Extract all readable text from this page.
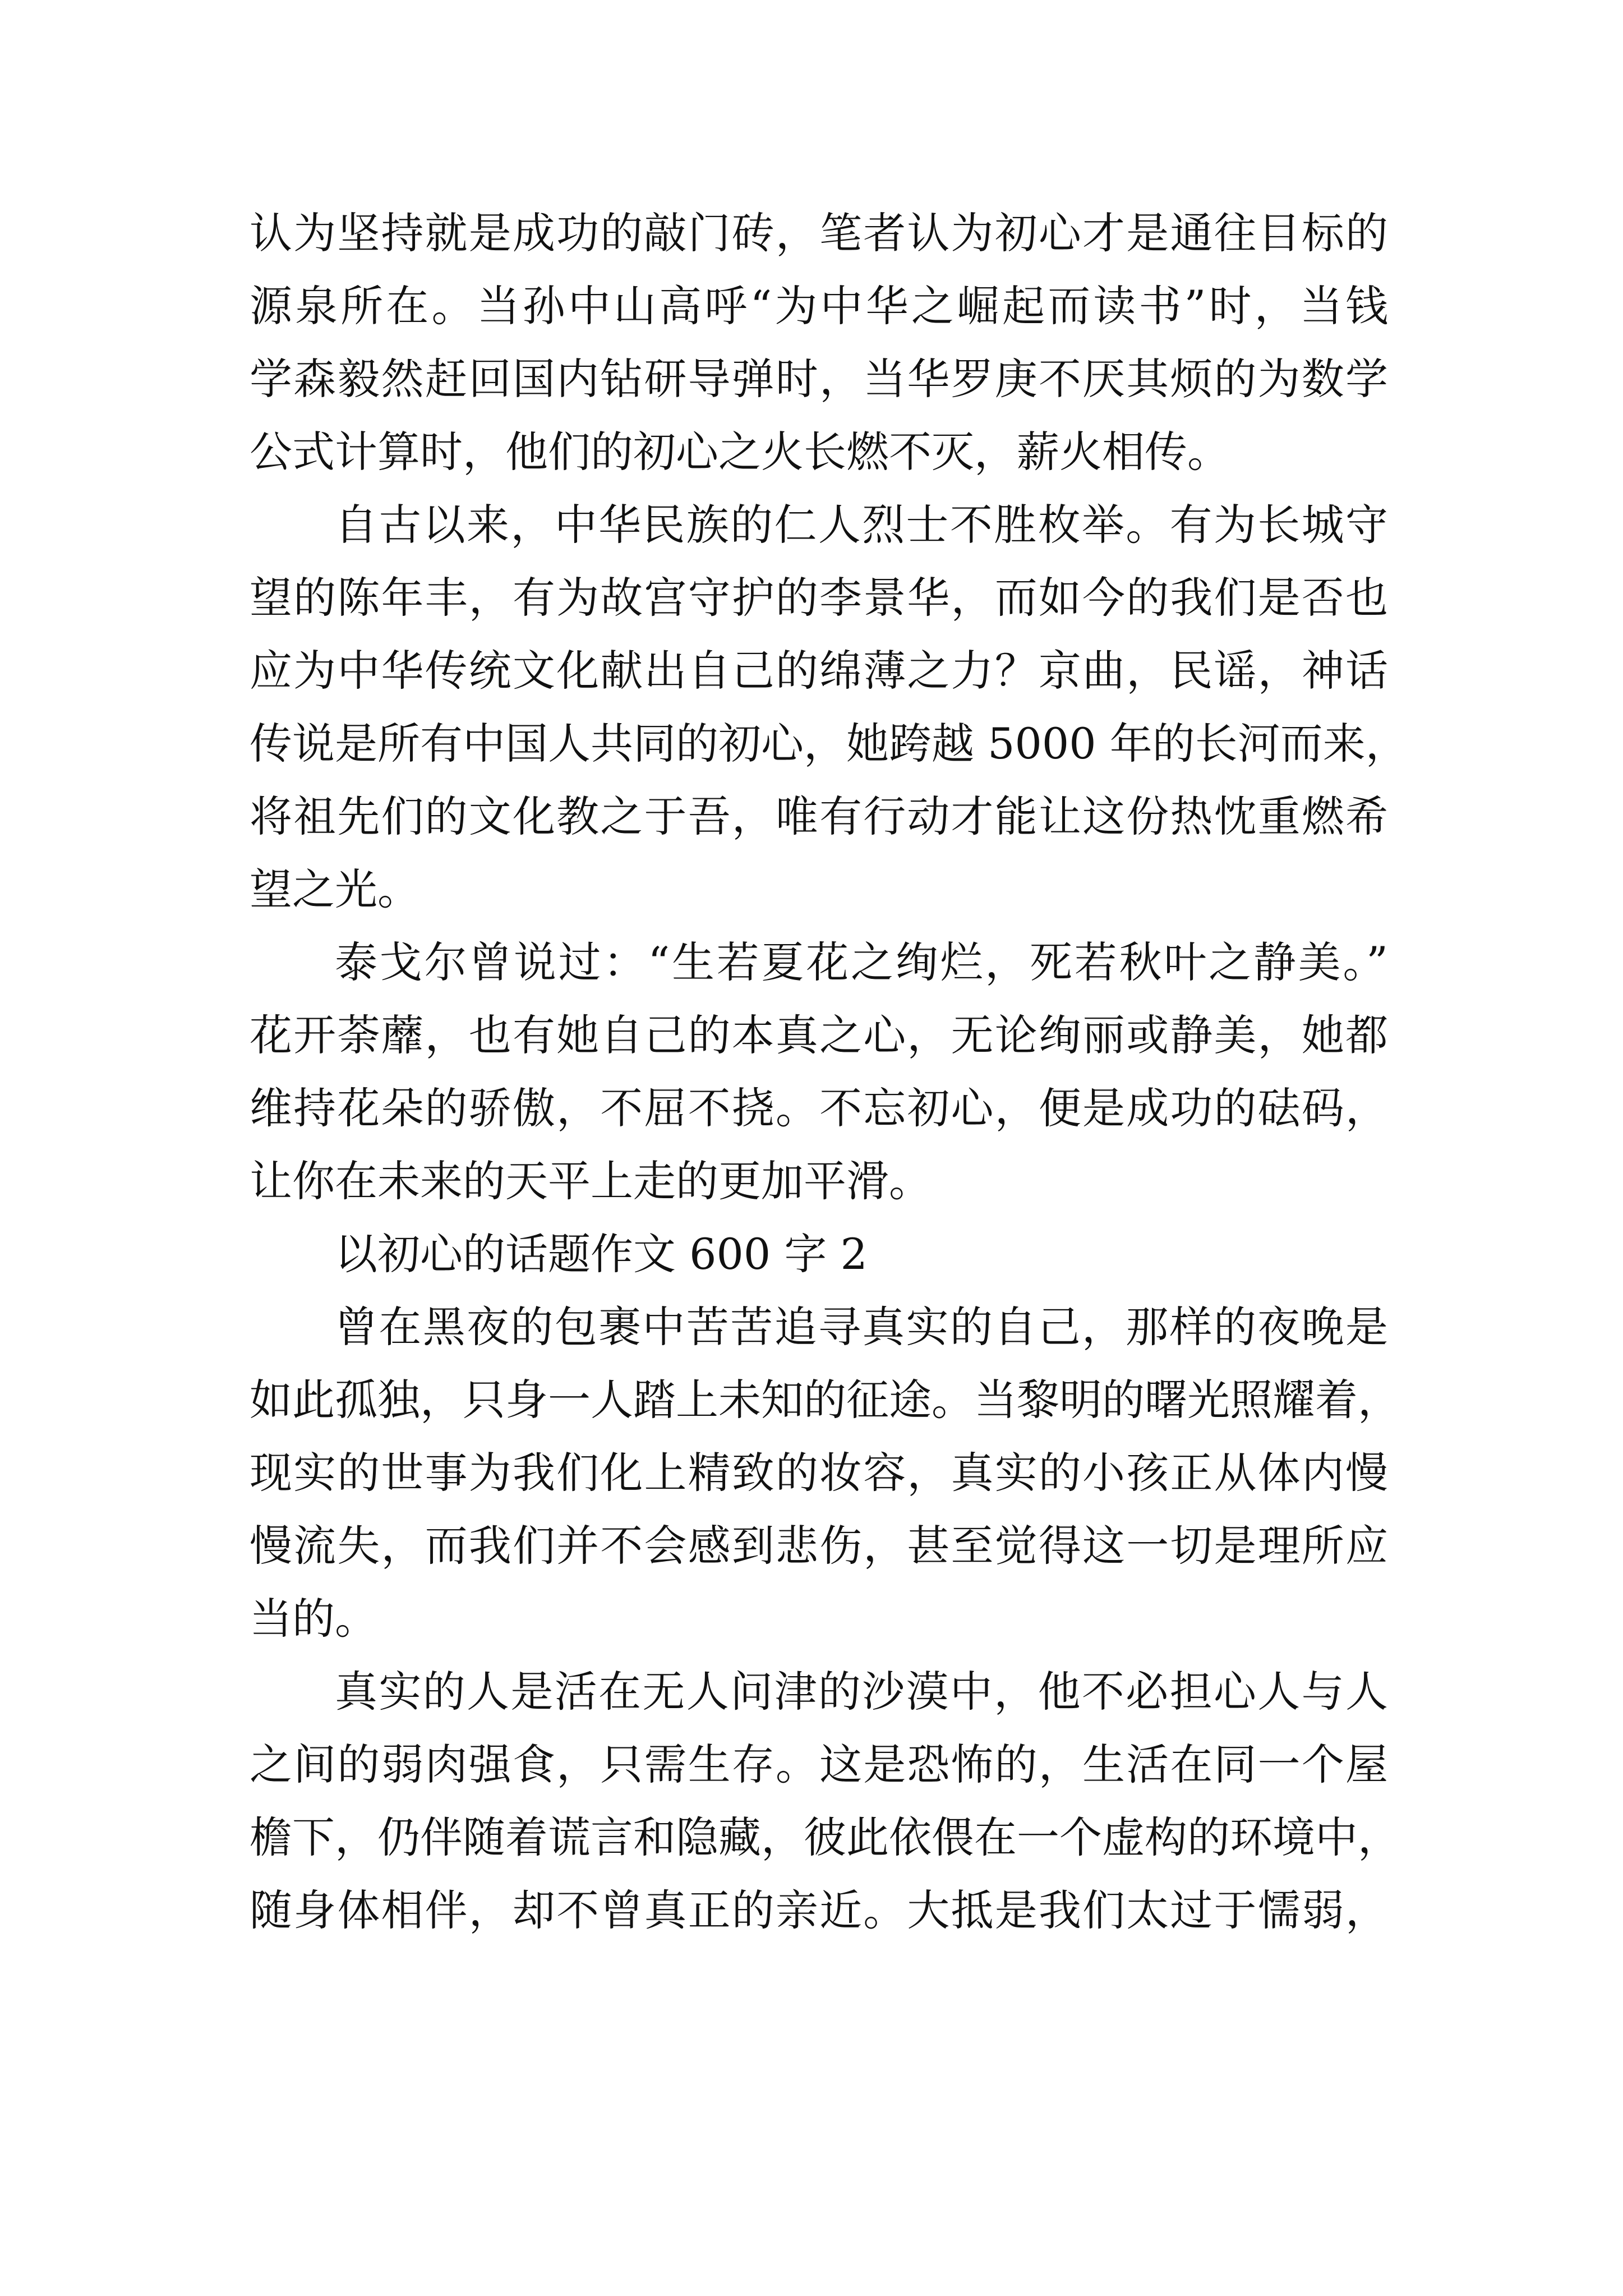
认为坚持就是成功的敲门砖，笔者认为初心才是通往目标的

源泉所在。当孙中山高呼“为中华之崛起而读书”时，当钱

学森毅然赶回国内钻研导弹时，当华罗庚不厌其烦的为数学

公式计算时，他们的初心之火长燃不灭，薪火相传。

自古以来，中华民族的仁人烈士不胜枚举。有为长城守

望的陈年丰，有为故宫守护的李景华，而如今的我们是否也

应为中华传统文化献出自己的绵薄之力？京曲，民谣，神话

传说是所有中国人共同的初心，她跨越 5000 年的长河而来，

将祖先们的文化教之于吾，唯有行动才能让这份热忱重燃希

望之光。

泰戈尔曾说过：“生若夏花之绚烂，死若秋叶之静美。”

花开荼蘼，也有她自己的本真之心，无论绚丽或静美，她都

维持花朵的骄傲，不屈不挠。不忘初心，便是成功的砝码，

让你在未来的天平上走的更加平滑。

以初心的话题作文 600 字 2

曾在黑夜的包裹中苦苦追寻真实的自己，那样的夜晚是

如此孤独，只身一人踏上未知的征途。当黎明的曙光照耀着，

现实的世事为我们化上精致的妆容，真实的小孩正从体内慢

慢流失，而我们并不会感到悲伤，甚至觉得这一切是理所应

当的。

真实的人是活在无人问津的沙漠中，他不必担心人与人

之间的弱肉强食，只需生存。这是恐怖的，生活在同一个屋

檐下，仍伴随着谎言和隐藏，彼此依偎在一个虚构的环境中，

随身体相伴，却不曾真正的亲近。大抵是我们太过于懦弱，
